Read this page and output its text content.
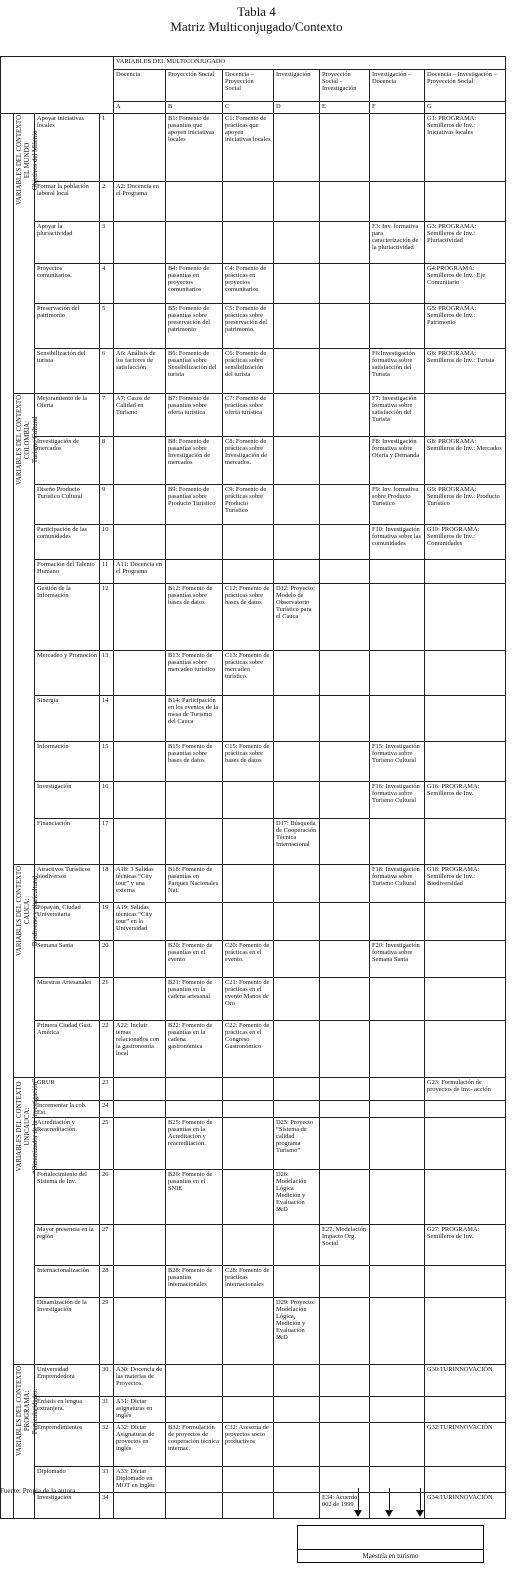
Tabla 4
Matriz Multiconjugado/Contexto
				VARIABLES DEL MULTICONJUGADO						
				Docencia	Proyección Social	Docencia – Proyección Social	Investigación	Proyección Social - Investigación	Investigación – Docencia	Docencia – Investigación – Proyección Social
				A	B	C	D	E	F	G
	VARIABLES DEL CONTEXTO
EL MUNDO
Objetivos del Milenio	Apoyar iniciativas locales	1		B1: Fomento de pasantías que apoyen iniciativas locales	C1: Fomento de prácticas que apoyen iniciativas locales				G1: PROGRAMA: Semilleros de Inv.: Iniciativas locales
		Formar la población laboral local	2	A2: Docencia en el Programa						
		Apoyar la pluriactividad	3						F3: Inv. formativa para caracterización de la pluriactividad	G3: PROGRAMA: Semilleros de Inv.: Pluriactividad
		Proyectos comunitarios.	4		B4: Fomento de pasantías en proyectos comunitarios	C4: Fomento de prácticas en proyectos comunitarios				G4:PROGRAMA: Semilleros de Inv.: Eje Comunitario
		Preservación del patrimonio	5		B5: Fomento de pasantías sobre preservación del patrimonio	C5: Fomento de prácticas sobre preservación del patrimonio.				G5: PROGRAMA: Semilleros de Inv.: Patrimonio
		Sensibilización del turista	6	A6: Análisis de los factores de satisfacción	B6: Fomento de pasantías sobre Sensibilización del turista	C6: Fomento de prácticas sobre sensibilización del turista			F6:Investigación formativa sobre satisfacción del Turista	G6: PROGRAMA: Semilleros de Inv.: Turista
	VARIABLES DEL CONTEXTO
COLOMBIA:
Turismo Cultural	Mejoramiento de la Oferta	7	A7: Casos de Calidad en Turismo	B7: Fomento de pasantías sobre oferta turística	C7: Fomento de prácticas sobre oferta turística			F7: Investigación formativa sobre satisfacción del Turista	
		Investigación de mercados	8		B8: Fomento de pasantías sobre Investigación de mercados	C8: Fomento de prácticas sobre Investigación de mercados.			F8: Investigación formativa sobre Oferta y Demanda	G8: PROGRAMA: Semilleros de Inv.: Mercados
		Diseño Producto Turístico Cultural	9		B9: Fomento de pasantías sobre Producto Turístico	C9: Fomento de prácticas sobre Producto Turístico			F9: Inv. formativa sobre Producto Turístico	G9: PROGRAMA: Semilleros de Inv.: Producto Turístico
		Participación de las comunidades	10						F10: Investigación formativa sobre las comunidades	G10: PROGRAMA: Semilleros de Inv.: Comunidades
		Formación del Talento Humano	11	A11: Docencia en el Programa						
		Gestión de la Información	12		B12: Fomento de pasantías sobre bases de datos	C12: Fomento de prácticas sobre bases de datos	D12: Proyecto: Modelo de Observatorio Turístico para el Cauca			
		Mercadeo y Promoción	13		B13: Fomento de pasantías sobre mercadeo turístico	C13: Fomento de prácticas sobre mercadeo turístico.				
		Sinergia	14		B14: Participación en los eventos de la mesa de Turismo del Cauca					
		Información	15		B15: Fomento de pasantías sobre bases de datos	C15: Fomento de prácticas sobre bases de datos			F15: Investigación formativa sobre Turismo Cultural	
		Investigación	16						F16: Investigación formativa sobre Turismo Cultural	G16: PROGRAMA: Semilleros de Inv.
		Financiación	17				D17: Búsqueda de Cooperación Técnica Internacional			
	VARIABLES DEL CONTEXTO
CAUCA:
Biodiverso y pluricultural	Atractivos Turísticos biodiversos	18	A18: 3 Salidas técnicas “City tour” y una externa	B18: Fomento de pasantías en Parques Nacionales Nat.				F18: Investigación formativa sobre Turismo Cultural	G18: PROGRAMA: Semilleros de Inv.: Biodiversidad
		Popayán, Ciudad Universitaria	19	A19: Salidas técnicas “City tour” en la Universidad						
		Semana Santa	20		B20: Fomento de pasantías en el evento	C20: Fomento de prácticas en el evento.			F20: Investigación formativa sobre Semana Santa	
		Muestras Artesanales	21		B21: Fomento de pasantías en la cadena artesanal	C21: Fomento de prácticas en el evento Manos de Oro				
		Primera Ciudad Gast. América	22	A22: Incluir temas relacionados con la gastronomía local	B22: Fomento de pasantías en la cadena gastronómica	C22: Fomento de prácticas en el Congreso Gastronómico				
	VARIABLES DEL CONTEXTO
UNICAUCA:
“Dinamizador de la Investigación”	GRUR	23							G23: Formulación de proyectos de inv.- acción
		Incrementar la cob. Est.	24							
		Acreditación y Reacreditación.	25		B25: Fomento de pasantías en la Acreditación y reacreditación.		D25: Proyecto “Sistema de calidad programa Turismo”			
		Fortalecimiento del Sistema de Inv.	26		B26: Fomento de pasantías en el SNIE		D26: Modelación Lógica Medición y Evaluación I&D			
		Mayor presencia en la región	27					E27: Modelación Impacto Org. Social		G27: PROGRAMA: Semilleros de Inv.
		Internacionalización	28		B28: Fomento de pasantías internacionales	C28: Fomento de prácticas internacionales				
		Dinamización de la Investigación	29				D29: Proyecto: Modelación Lógica, Medición y Evaluación I&D			
	VARIABLES DEL CONTEXTO
PROGRAMA:
Particularidades.	Universidad Emprendedora	30	A30: Docencia de las materias de Proyectos.						G30:TURINNOVACIÓN
		Énfasis en lengua extranjera.	31	A31: Dictar asignaturas en inglés						
		Emprendimientos	32	A32: Dictar Asignaturas de proyectos en inglés	B32: Formulación de proyectos de cooperación técnica internac.	C32: Asesoría de proyectos socio productivos				G32:TURINNOVACIÓN
		Diplomado	33	A33: Dictar Diplomado en MOT en inglés						
		Investigación	34					E34: Acuerdo 002 de 1999		G34:TURINNOVACIÓN
Fuente: Propia de la autora.
Maestría en turismo
